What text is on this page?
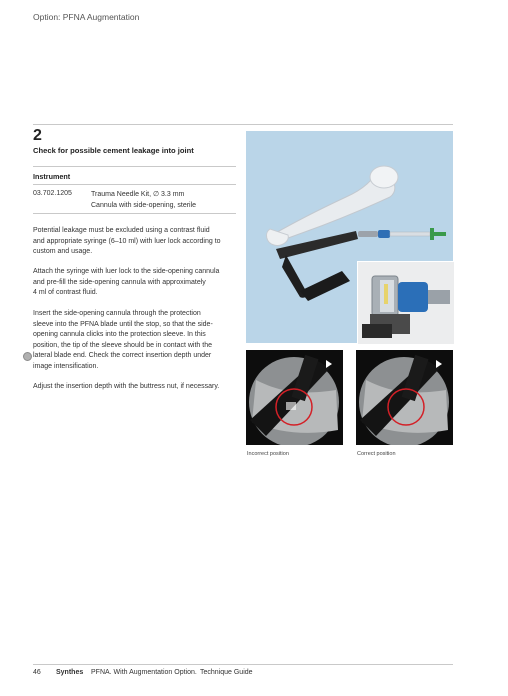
Option: PFNA Augmentation
2
Check for possible cement leakage into joint
Instrument
03.702.1205	Trauma Needle Kit, ∅ 3.3 mm
Cannula with side-opening, sterile
Potential leakage must be excluded using a contrast fluid
and appropriate syringe (6–10 ml) with luer lock according to
custom and usage.
Attach the syringe with luer lock to the side-opening cannula
and pre-fill the side-opening cannula with approximately
4 ml of contrast fluid.
Insert the side-opening cannula through the protection
sleeve into the PFNA blade until the stop, so that the side-
opening cannula clicks into the protection sleeve. In this
position, the tip of the sleeve should be in contact with the
lateral blade end. Check the correct insertion depth under
image intensification.
Adjust the insertion depth with the buttress nut, if necessary.
Incorrect position	Correct position
46 Synthes PFNA. With Augmentation Option. Technique Guide
